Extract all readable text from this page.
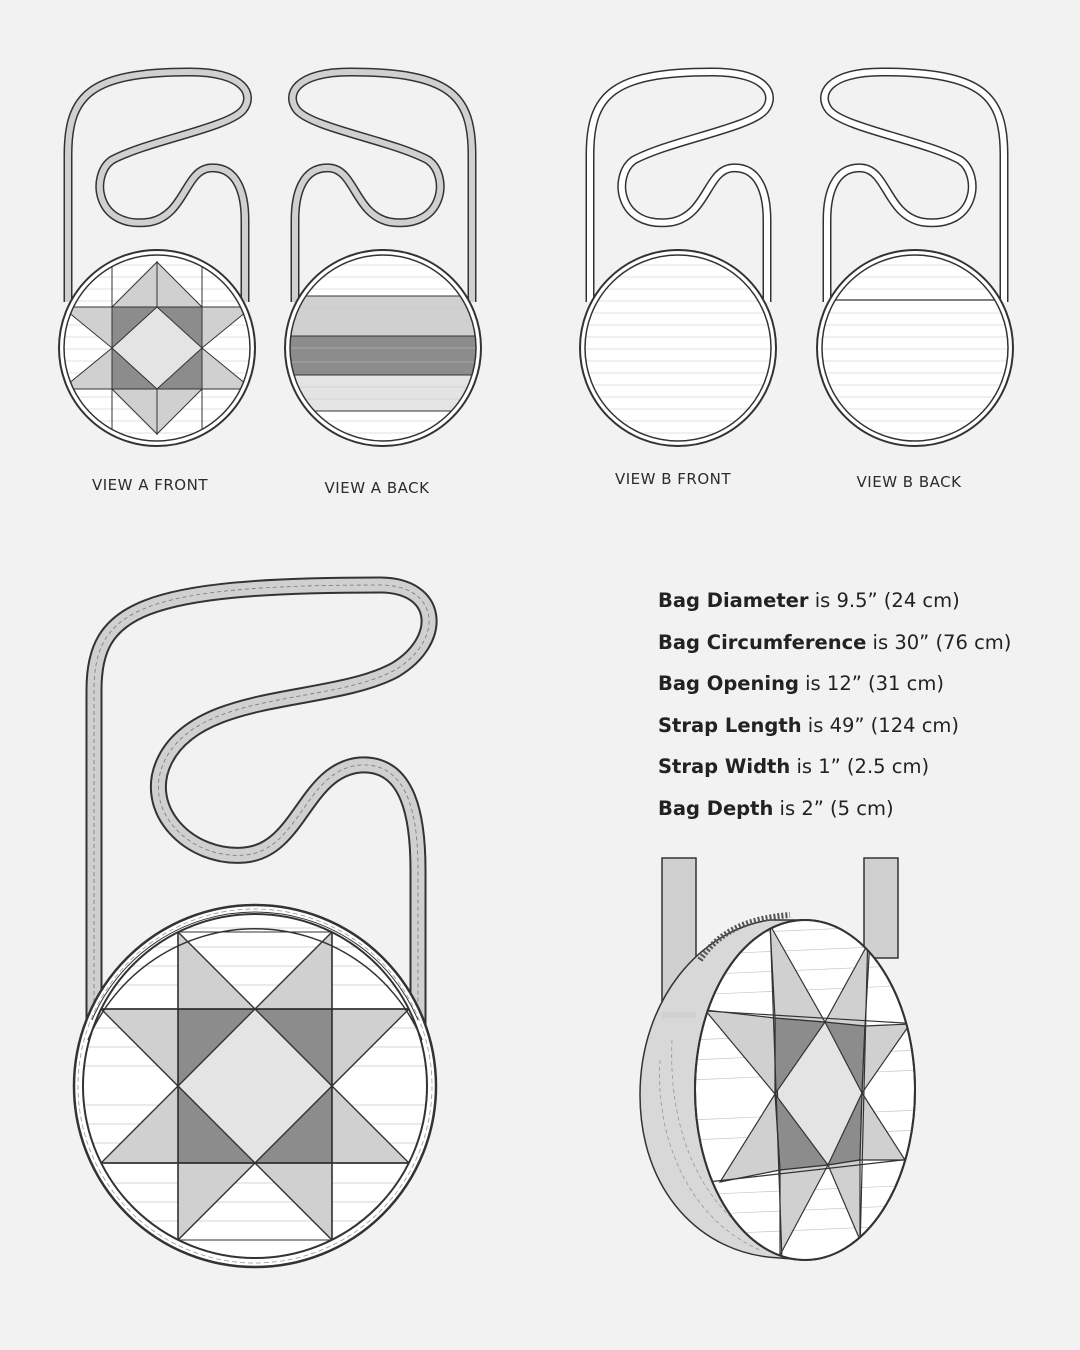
VIEW A FRONT	VIEW A BACK	VIEW B FRONT	VIEW B BACK
Bag Diameter is 9.5” (24 cm)
Bag Circumference is 30” (76 cm)
Bag Opening is 12” (31 cm)
Strap Length is 49” (124 cm)
Strap Width is 1” (2.5 cm)
Bag Depth is 2” (5 cm)
